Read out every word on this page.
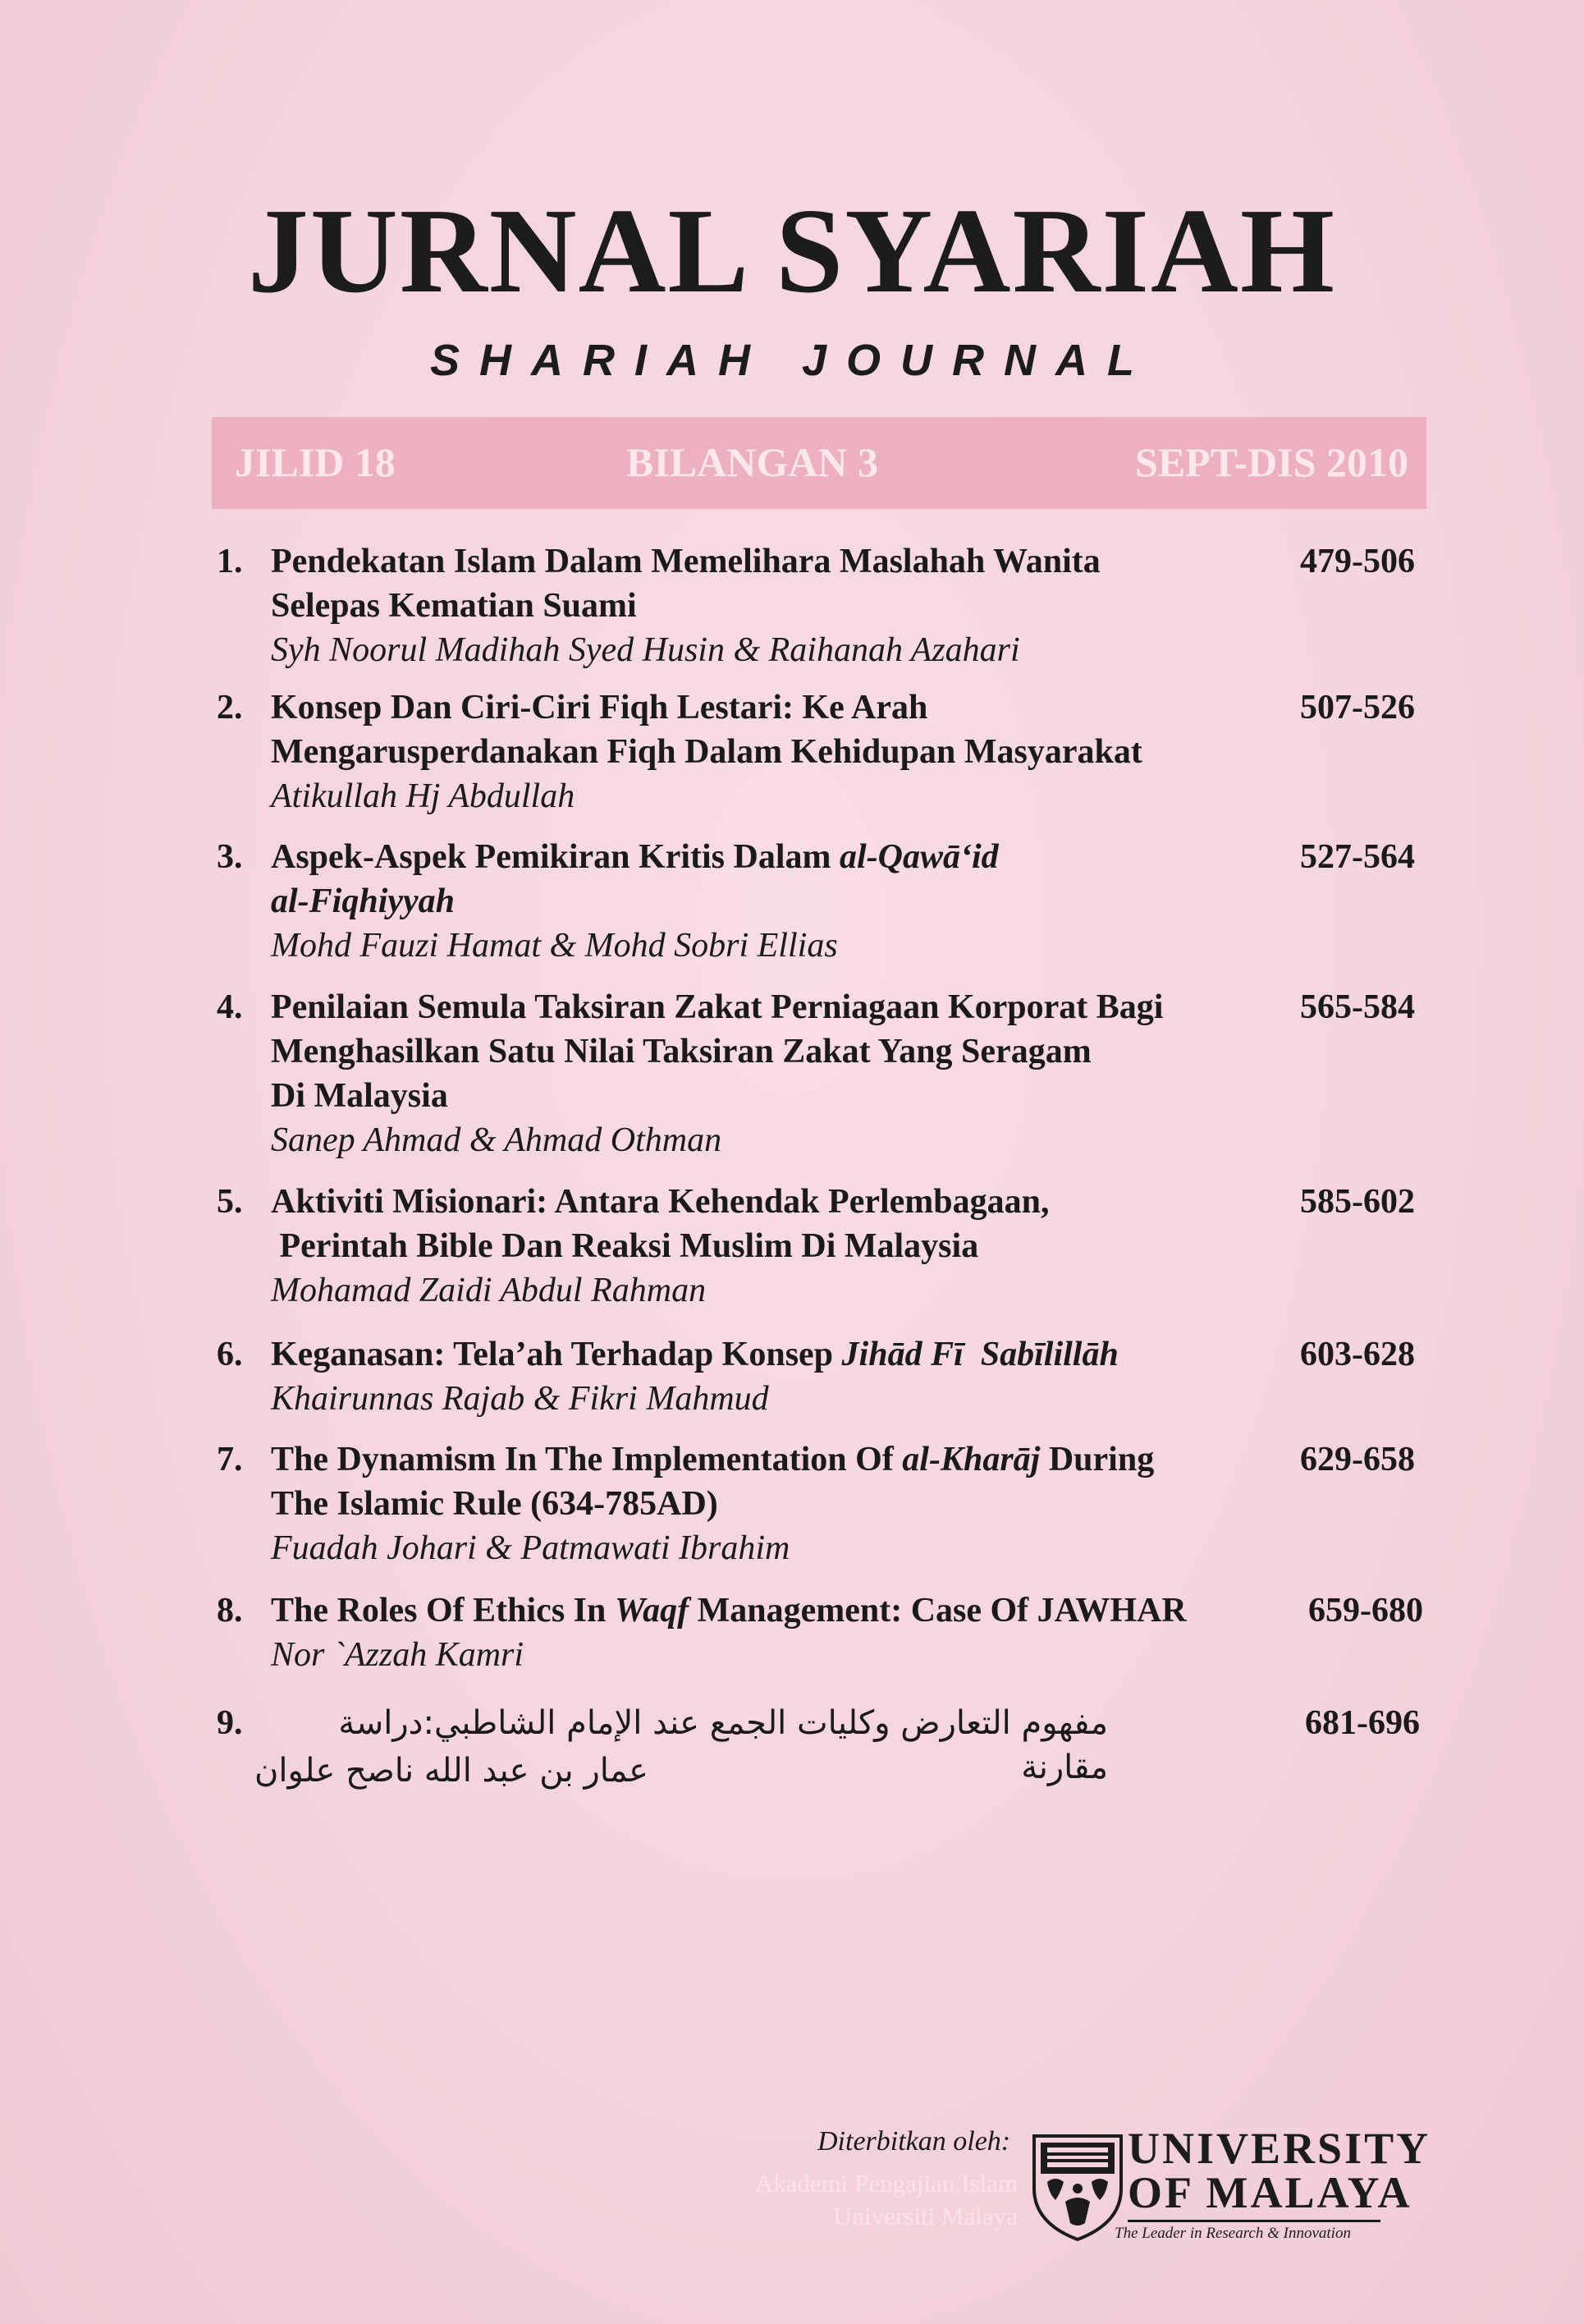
JURNAL SYARIAH
SHARIAH JOURNAL
JILID 18	BILANGAN 3	SEPT-DIS 2010
1. Pendekatan Islam Dalam Memelihara Maslahah Wanita
Selepas Kematian Suami
Syh Noorul Madihah Syed Husin & Raihanah Azahari
479-506
2. Konsep Dan Ciri-Ciri Fiqh Lestari: Ke Arah
Mengarusperdanakan Fiqh Dalam Kehidupan Masyarakat
Atikullah Hj Abdullah
507-526
3. Aspek-Aspek Pemikiran Kritis Dalam al-Qawā‘id
al-Fiqhiyyah
Mohd Fauzi Hamat & Mohd Sobri Ellias
527-564
4. Penilaian Semula Taksiran Zakat Perniagaan Korporat Bagi
Menghasilkan Satu Nilai Taksiran Zakat Yang Seragam
Di Malaysia
Sanep Ahmad & Ahmad Othman
565-584
5. Aktiviti Misionari: Antara Kehendak Perlembagaan,
Perintah Bible Dan Reaksi Muslim Di Malaysia
Mohamad Zaidi Abdul Rahman
585-602
6. Keganasan: Tela’ah Terhadap Konsep Jihād Fī  Sabīlillāh
Khairunnas Rajab & Fikri Mahmud
603-628
7. The Dynamism In The Implementation Of al-Kharāj During
The Islamic Rule (634-785AD)
Fuadah Johari & Patmawati Ibrahim
629-658
8. The Roles Of Ethics In Waqf Management: Case Of JAWHAR
Nor `Azzah Kamri
659-680
9.	مفهوم التعارض وكليات الجمع عند الإمام الشاطبي:دراسة مقارنة
عمار بن عبد الله ناصح علوان
681-696
Diterbitkan oleh:
Akademi Pengajian Islam
Universiti Malaya
UNIVERSITY
OF MALAYA
The Leader in Research & Innovation
